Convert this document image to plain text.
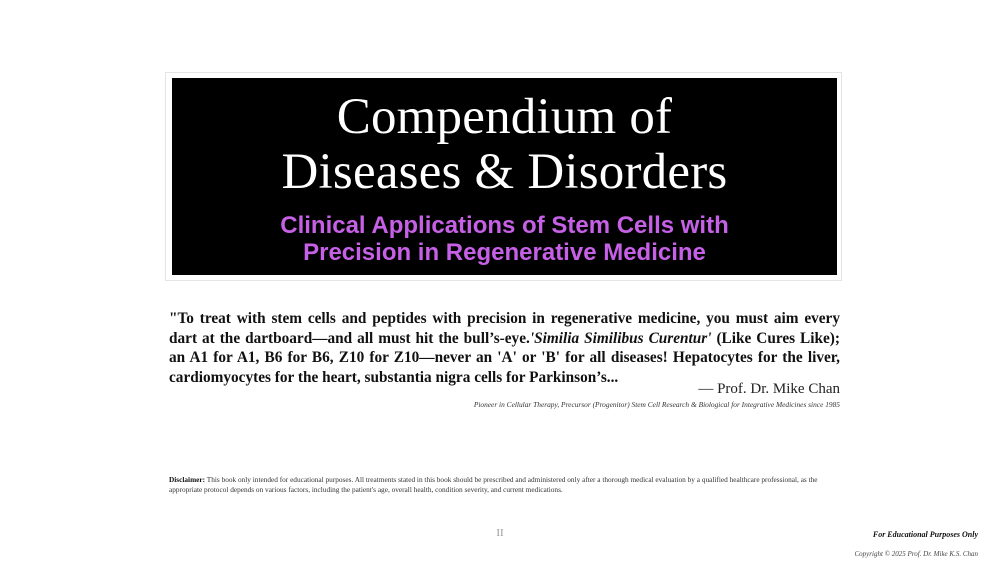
Compendium of
Diseases & Disorders
Clinical Applications of Stem Cells with
Precision in Regenerative Medicine

"To treat with stem cells and peptides with precision in regenerative medicine, you must aim every dart at the dartboard—and all must hit the bull’s-eye.'Similia Similibus Curentur' (Like Cures Like); an A1 for A1, B6 for B6, Z10 for Z10—never an 'A' or 'B' for all diseases! Hepatocytes for the liver, cardiomyocytes for the heart, substantia nigra cells for Parkinson’s...

— Prof. Dr. Mike Chan
Pioneer in Cellular Therapy, Precursor (Progenitor) Stem Cell Research & Biological for Integrative Medicines since 1985

Disclaimer: This book only intended for educational purposes. All treatments stated in this book should be prescribed and administered only after a thorough medical evaluation by a qualified healthcare professional, as the appropriate protocol depends on various factors, including the patient's age, overall health, condition severity, and current medications.

II	For Educational Purposes Only
Copyright © 2025 Prof. Dr. Mike K.S. Chan
